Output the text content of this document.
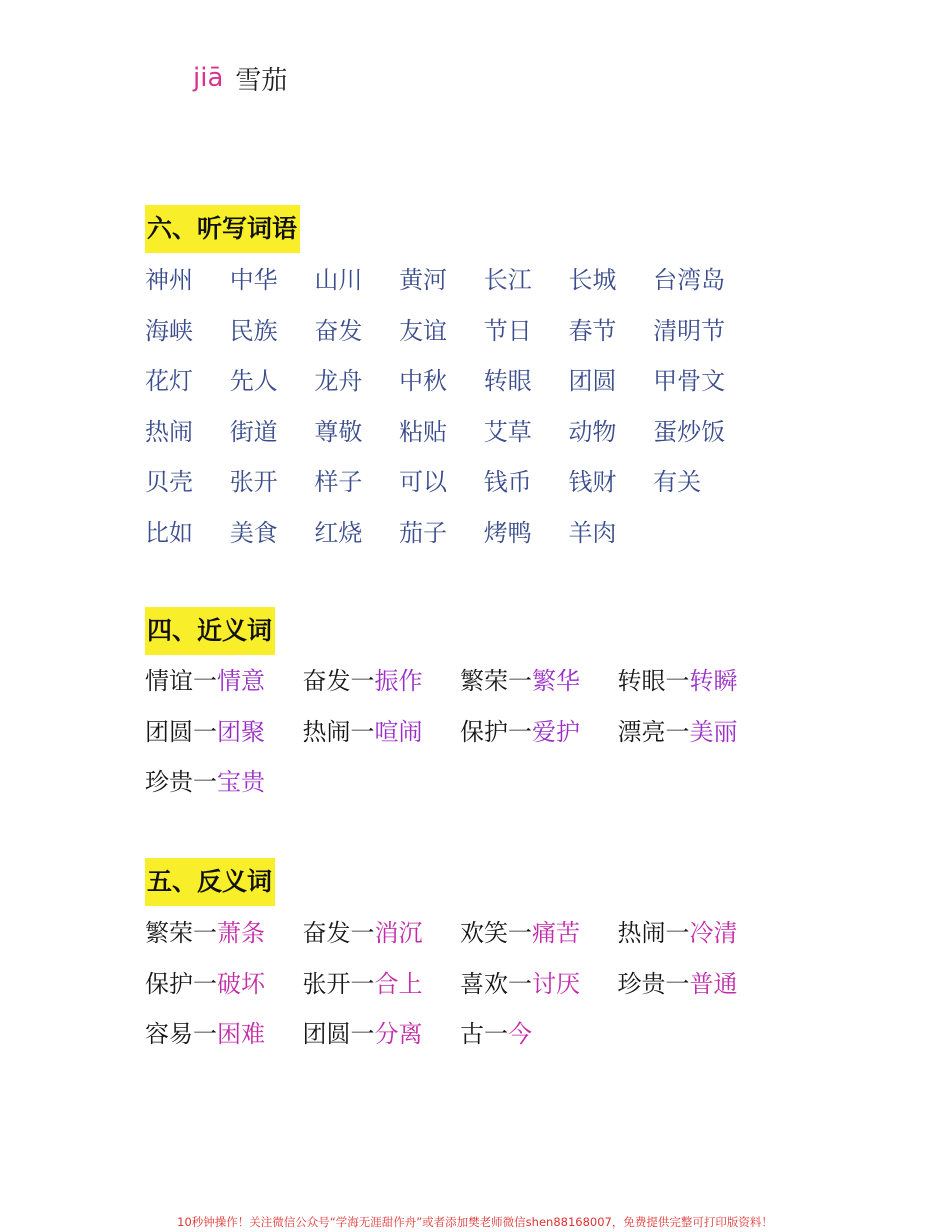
jiā 雪茄
六、听写词语
神州	中华	山川	黄河	长江	长城	台湾岛
海峡	民族	奋发	友谊	节日	春节	清明节
花灯	先人	龙舟	中秋	转眼	团圆	甲骨文
热闹	街道	尊敬	粘贴	艾草	动物	蛋炒饭
贝壳	张开	样子	可以	钱币	钱财	有关
比如	美食	红烧	茄子	烤鸭	羊肉
四、近义词
情谊一情意	奋发一振作	繁荣一繁华	转眼一转瞬
团圆一团聚	热闹一喧闹	保护一爱护	漂亮一美丽
珍贵一宝贵
五、反义词
繁荣一萧条	奋发一消沉	欢笑一痛苦	热闹一冷清
保护一破坏	张开一合上	喜欢一讨厌	珍贵一普通
容易一困难	团圆一分离	古一今
10秒钟操作！关注微信公众号“学海无涯甜作舟”或者添加樊老师微信shen88168007，免费提供完整可打印版资料！
